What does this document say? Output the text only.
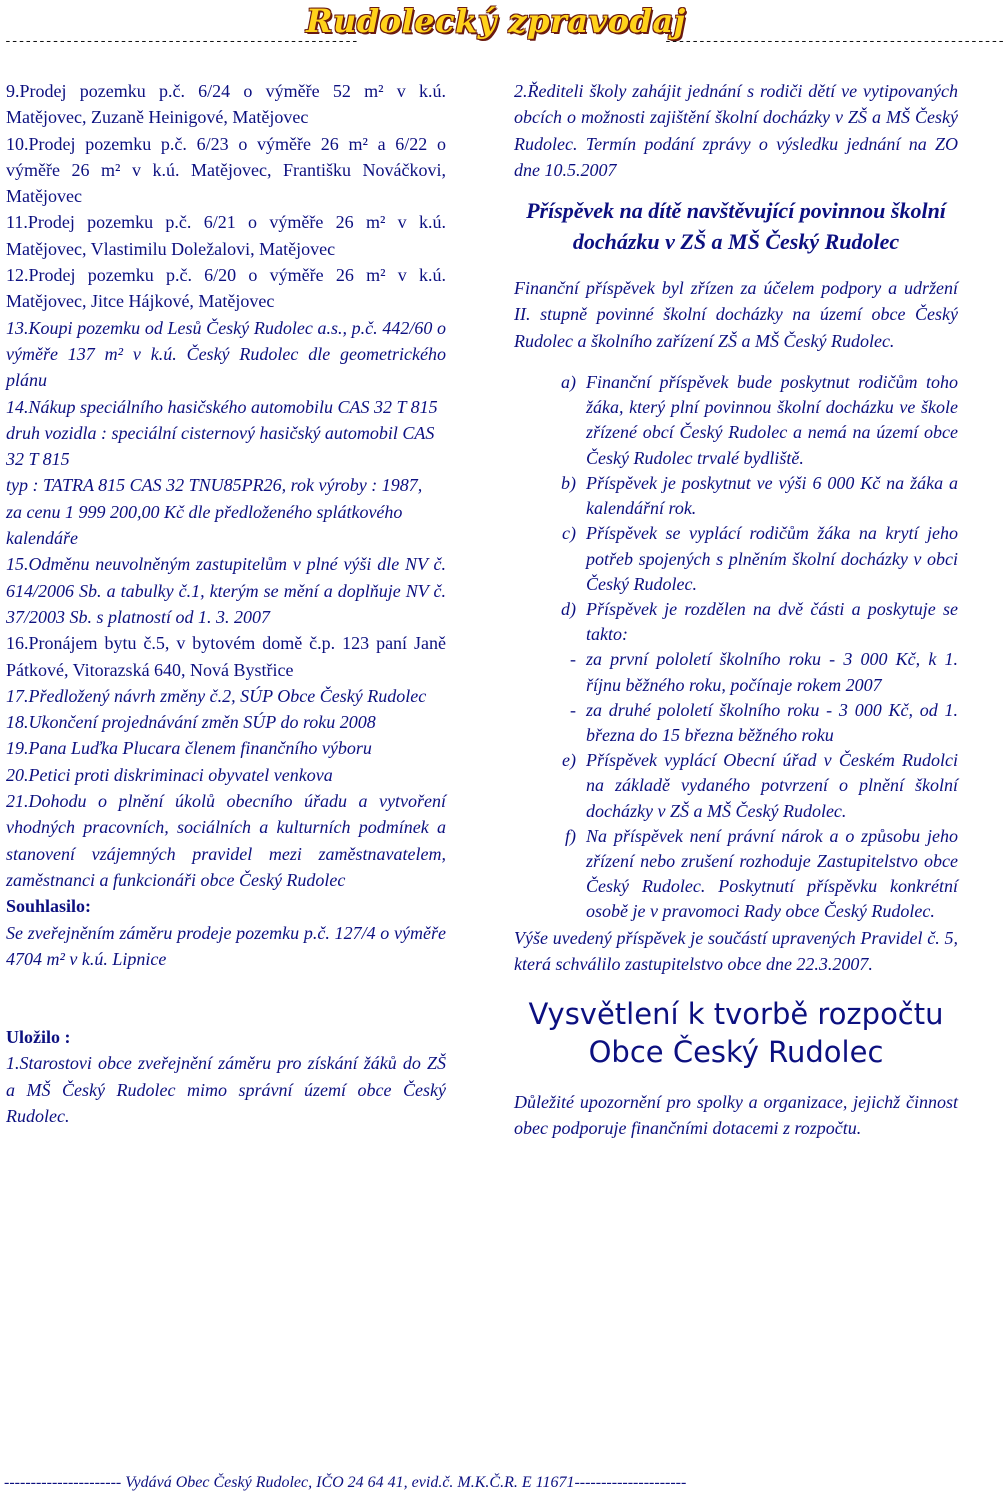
----------------------------------------------------
Rudolecký zpravodaj
--------------------------------------------------

9.Prodej pozemku p.č. 6/24 o výměře 52 m² v k.ú. Matějovec, Zuzaně Heinigové, Matějovec

10.Prodej pozemku p.č. 6/23 o výměře 26 m² a 6/22 o výměře 26 m² v k.ú. Matějovec, Františku Nováčkovi, Matějovec

11.Prodej pozemku p.č. 6/21 o výměře 26 m² v k.ú. Matějovec, Vlastimilu Doležalovi, Matějovec

12.Prodej pozemku p.č. 6/20 o výměře 26 m² v k.ú. Matějovec, Jitce Hájkové, Matějovec

13.Koupi pozemku od Lesů Český Rudolec a.s., p.č. 442/60 o výměře 137 m² v k.ú. Český Rudolec dle geometrického plánu

14.Nákup speciálního hasičského automobilu CAS 32 T 815

druh vozidla : speciální cisternový hasičský automobil CAS 32 T 815

typ : TATRA 815 CAS 32 TNU85PR26, rok výroby : 1987,

za cenu 1 999 200,00 Kč dle předloženého splátkového kalendáře

15.Odměnu neuvolněným zastupitelům v plné výši dle NV č. 614/2006 Sb. a tabulky č.1, kterým se mění a doplňuje NV č. 37/2003 Sb. s platností od 1. 3. 2007

16.Pronájem bytu č.5, v bytovém domě č.p. 123 paní Janě Pátkové, Vitorazská 640, Nová Bystřice

17.Předložený návrh změny č.2, SÚP Obce Český Rudolec

18.Ukončení projednávání změn SÚP do roku 2008

19.Pana Luďka Plucara členem finančního výboru

20.Petici proti diskriminaci obyvatel venkova

21.Dohodu o plnění úkolů obecního úřadu a vytvoření vhodných pracovních, sociálních a kulturních podmínek a stanovení vzájemných pravidel mezi zaměstnavatelem, zaměstnanci a funkcionáři obce Český Rudolec

Souhlasilo:

Se zveřejněním záměru prodeje pozemku p.č. 127/4 o výměře 4704 m² v k.ú. Lipnice

Uložilo :

1.Starostovi obce zveřejnění záměru pro získání žáků do ZŠ a MŠ Český Rudolec mimo správní území obce Český Rudolec.

2.Řediteli školy zahájit jednání s rodiči dětí ve vytipovaných obcích o možnosti zajištění školní docházky v ZŠ a MŠ Český Rudolec. Termín podání zprávy o výsledku jednání na ZO dne 10.5.2007

Příspěvek na dítě navštěvující povinnou školní docházku v ZŠ a MŠ Český Rudolec

Finanční příspěvek byl zřízen za účelem podpory a udržení II. stupně povinné školní docházky na území obce Český Rudolec a školního zařízení ZŠ a MŠ Český Rudolec.

a) Finanční příspěvek bude poskytnut rodičům toho žáka, který plní povinnou školní docházku ve škole zřízené obcí Český Rudolec a nemá na území obce Český Rudolec trvalé bydliště.
b) Příspěvek je poskytnut ve výši 6 000 Kč na žáka a kalendářní rok.
c) Příspěvek se vyplácí rodičům žáka na krytí jeho potřeb spojených s plněním školní docházky v obci Český Rudolec.
d) Příspěvek je rozdělen na dvě části a poskytuje se takto:
- za první pololetí školního roku - 3 000 Kč, k 1. říjnu běžného roku, počínaje rokem 2007
- za druhé pololetí školního roku - 3 000 Kč, od 1. března do 15 března běžného roku
e) Příspěvek vyplácí Obecní úřad v Českém Rudolci na základě vydaného potvrzení o plnění školní docházky v ZŠ a MŠ Český Rudolec.
f) Na příspěvek není právní nárok a o způsobu jeho zřízení nebo zrušení rozhoduje Zastupitelstvo obce Český Rudolec. Poskytnutí příspěvku konkrétní osobě je v pravomoci Rady obce Český Rudolec.

Výše uvedený příspěvek je součástí upravených Pravidel č. 5, která schválilo zastupitelstvo obce dne 22.3.2007.

Vysvětlení k tvorbě rozpočtu Obce Český Rudolec

Důležité upozornění pro spolky a organizace, jejichž činnost obec podporuje finančními dotacemi z rozpočtu.

---------------------- Vydává Obec Český Rudolec, IČO 24 64 41, evid.č. M.K.Č.R. E 11671---------------------
